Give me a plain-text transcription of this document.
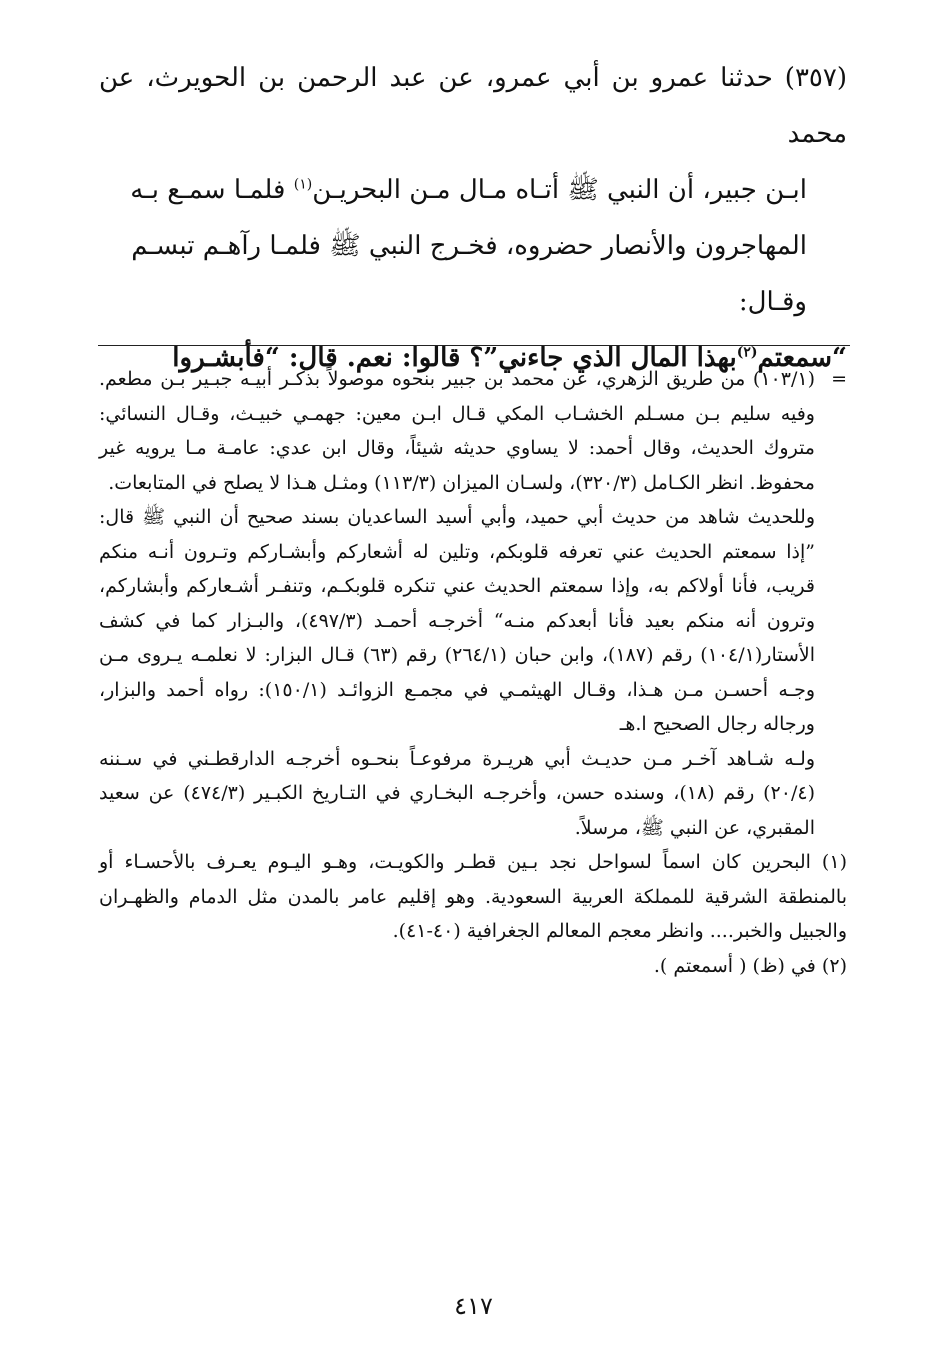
(٣٥٧) حدثنا عمرو بن أبي عمرو، عن عبد الرحمن بن الحويرث، عن محمد

ابـن جبير، أن النبي ﷺ أتـاه مـال مـن البحريـن$^{(١)}$ فلمـا سمـع بـه

المهاجرون والأنصار حضروه، فخـرج النبي ﷺ فلمـا رآهـم تبسـم

وقـال:

“سمعتم$^{(٢)}$بهذا المال الذي جاءني”؟ قالوا: نعم. قال: “فأبشـروا

=
(١٠٣/١) من طريق الزهري، عن محمد بن جبير بنحوه موصولاً بذكـر أبيـه جبـير بـن مطعم. وفيه سليم بـن مسـلم الخشـاب المكي قـال ابـن معين: جهمـي خبيـث، وقـال النسائي: متروك الحديث، وقال أحمد: لا يساوي حديثه شيئاً، وقال ابن عدي: عامـة مـا يرويه غير محفوظ. انظر الكـامل (٣٢٠/٣)، ولسـان الميزان (١١٣/٣) ومثـل هـذا لا يصلح في المتابعات.

وللحديث شاهد من حديث أبي حميد، وأبي أسيد الساعديان بسند صحيح أن النبي ﷺ قال: ”إذا سمعتم الحديث عني تعرفه قلوبكم، وتلين له أشعاركم وأبشـاركم وتـرون أنـه منكم قريب، فأنا أولاكم به، وإذا سمعتم الحديث عني تنكره قلوبكـم، وتنفـر أشـعاركم وأبشاركم، وترون أنه منكم بعيد فأنا أبعدكم منـه“ أخرجـه أحمـد (٤٩٧/٣)، والبـزار كما في كشف الأستار(١٠٤/١) رقم (١٨٧)، وابن حبان (٢٦٤/١) رقم (٦٣) قـال البزار: لا نعلمـه يـروى مـن وجـه أحسـن مـن هـذا، وقـال الهيثمـي في مجمـع الزوائـد (١٥٠/١): رواه أحمد والبزار، ورجاله رجال الصحيح ا.هـ

ولـه شـاهد آخـر مـن حديـث أبي هريـرة مرفوعـاً بنحـوه أخرجـه الدارقطـني في سـننه (٢٠/٤) رقم (١٨)، وسنده حسن، وأخرجـه البخـاري في التـاريخ الكبـير (٤٧٤/٣) عن سعيد المقبري، عن النبي ﷺ، مرسلاً.

(١) البحرين كان اسماً لسواحل نجد بـين قطـر والكويـت، وهـو اليـوم يعـرف بالأحسـاء أو بالمنطقة الشرقية للمملكة العربية السعودية. وهو إقليم عامر بالمدن مثل الدمام والظهـران والجبيل والخبر.... وانظر معجم المعالم الجغرافية (٤٠-٤١).

(٢) في (ظ) ( أسمعتم ).

٤١٧
